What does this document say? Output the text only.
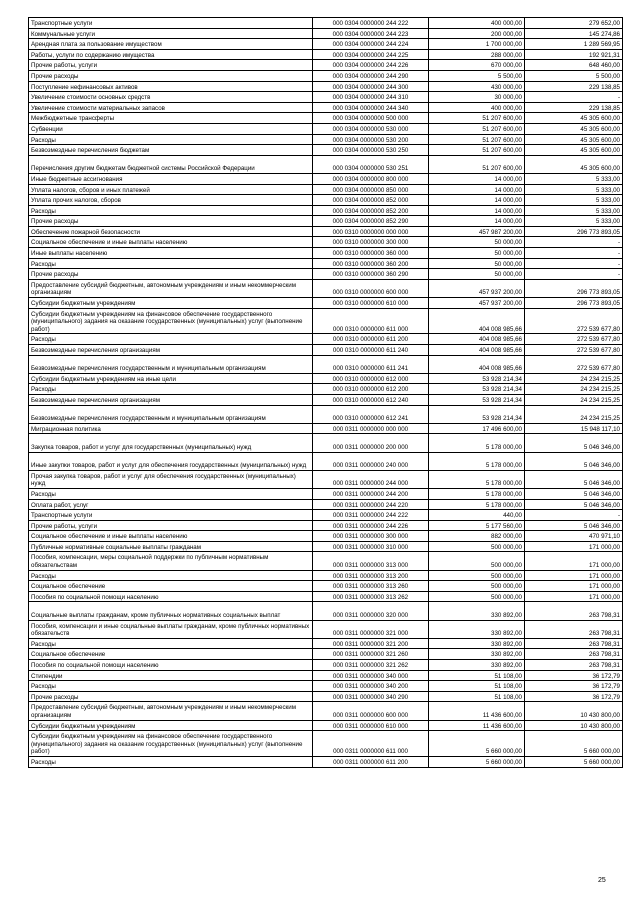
Транспортные услуги	000 0304 0000000 244 222	400 000,00	279 652,00
Коммунальные услуги	000 0304 0000000 244 223	200 000,00	145 274,86
Арендная плата за пользование имуществом	000 0304 0000000 244 224	1 700 000,00	1 289 569,95
Работы, услуги по содержанию имущества	000 0304 0000000 244 225	288 000,00	192 921,31
Прочие работы, услуги	000 0304 0000000 244 226	670 000,00	648 460,00
Прочие расходы	000 0304 0000000 244 290	5 500,00	5 500,00
Поступление нефинансовых активов	000 0304 0000000 244 300	430 000,00	229 138,85
Увеличение стоимости основных средств	000 0304 0000000 244 310	30 000,00	-
Увеличение стоимости материальных запасов	000 0304 0000000 244 340	400 000,00	229 138,85
Межбюджетные трансферты	000 0304 0000000 500 000	51 207 600,00	45 305 600,00
Субвенции	000 0304 0000000 530 000	51 207 600,00	45 305 600,00
Расходы	000 0304 0000000 530 200	51 207 600,00	45 305 600,00
Безвозмездные перечисления бюджетам	000 0304 0000000 530 250	51 207 600,00	45 305 600,00
Перечисления другим бюджетам бюджетной системы Российской Федерации	000 0304 0000000 530 251	51 207 600,00	45 305 600,00
Иные бюджетные ассигнования	000 0304 0000000 800 000	14 000,00	5 333,00
Уплата налогов, сборов и иных платежей	000 0304 0000000 850 000	14 000,00	5 333,00
Уплата прочих налогов, сборов	000 0304 0000000 852 000	14 000,00	5 333,00
Расходы	000 0304 0000000 852 200	14 000,00	5 333,00
Прочие расходы	000 0304 0000000 852 290	14 000,00	5 333,00
Обеспечение пожарной безопасности	000 0310 0000000 000 000	457 987 200,00	296 773 893,05
Социальное обеспечение и иные выплаты населению	000 0310 0000000 300 000	50 000,00	-
Иные выплаты населению	000 0310 0000000 360 000	50 000,00	-
Расходы	000 0310 0000000 360 200	50 000,00	-
Прочие расходы	000 0310 0000000 360 290	50 000,00	-
Предоставление субсидий бюджетным, автономным учреждениям и иным некоммерческим организациям	000 0310 0000000 600 000	457 937 200,00	296 773 893,05
Субсидии бюджетным учреждениям	000 0310 0000000 610 000	457 937 200,00	296 773 893,05
Субсидии бюджетным учреждениям на финансовое обеспечение государственного (муниципального) задания на оказание государственных (муниципальных) услуг (выполнение работ)	000 0310 0000000 611 000	404 008 985,66	272 539 677,80
Расходы	000 0310 0000000 611 200	404 008 985,66	272 539 677,80
Безвозмездные перечисления организациям	000 0310 0000000 611 240	404 008 985,66	272 539 677,80
Безвозмездные перечисления государственным и муниципальным организациям	000 0310 0000000 611 241	404 008 985,66	272 539 677,80
Субсидии бюджетным учреждениям на иные цели	000 0310 0000000 612 000	53 928 214,34	24 234 215,25
Расходы	000 0310 0000000 612 200	53 928 214,34	24 234 215,25
Безвозмездные перечисления организациям	000 0310 0000000 612 240	53 928 214,34	24 234 215,25
Безвозмездные перечисления государственным и муниципальным организациям	000 0310 0000000 612 241	53 928 214,34	24 234 215,25
Миграционная политика	000 0311 0000000 000 000	17 496 600,00	15 948 117,10
Закупка товаров, работ и услуг для государственных (муниципальных) нужд	000 0311 0000000 200 000	5 178 000,00	5 046 346,00
Иные закупки товаров, работ и услуг для обеспечения государственных (муниципальных) нужд	000 0311 0000000 240 000	5 178 000,00	5 046 346,00
Прочая закупка товаров, работ и услуг для обеспечения государственных (муниципальных) нужд	000 0311 0000000 244 000	5 178 000,00	5 046 346,00
Расходы	000 0311 0000000 244 200	5 178 000,00	5 046 346,00
Оплата работ, услуг	000 0311 0000000 244 220	5 178 000,00	5 046 346,00
Транспортные услуги	000 0311 0000000 244 222	440,00	-
Прочие работы, услуги	000 0311 0000000 244 226	5 177 560,00	5 046 346,00
Социальное обеспечение и иные выплаты населению	000 0311 0000000 300 000	882 000,00	470 971,10
Публичные нормативные социальные выплаты гражданам	000 0311 0000000 310 000	500 000,00	171 000,00
Пособия, компенсации, меры социальной поддержки по публичным нормативным обязательствам	000 0311 0000000 313 000	500 000,00	171 000,00
Расходы	000 0311 0000000 313 200	500 000,00	171 000,00
Социальное обеспечение	000 0311 0000000 313 260	500 000,00	171 000,00
Пособия по социальной помощи населению	000 0311 0000000 313 262	500 000,00	171 000,00
Социальные выплаты гражданам, кроме публичных нормативных социальных выплат	000 0311 0000000 320 000	330 892,00	263 798,31
Пособия, компенсации и иные социальные выплаты гражданам, кроме публичных нормативных обязательств	000 0311 0000000 321 000	330 892,00	263 798,31
Расходы	000 0311 0000000 321 200	330 892,00	263 798,31
Социальное обеспечение	000 0311 0000000 321 260	330 892,00	263 798,31
Пособия по социальной помощи населению	000 0311 0000000 321 262	330 892,00	263 798,31
Стипендии	000 0311 0000000 340 000	51 108,00	36 172,79
Расходы	000 0311 0000000 340 200	51 108,00	36 172,79
Прочие расходы	000 0311 0000000 340 290	51 108,00	36 172,79
Предоставление субсидий бюджетным, автономным учреждениям и иным некоммерческим организациям	000 0311 0000000 600 000	11 436 600,00	10 430 800,00
Субсидии бюджетным учреждениям	000 0311 0000000 610 000	11 436 600,00	10 430 800,00
Субсидии бюджетным учреждениям на финансовое обеспечение государственного (муниципального) задания на оказание государственных (муниципальных) услуг (выполнение работ)	000 0311 0000000 611 000	5 660 000,00	5 660 000,00
Расходы	000 0311 0000000 611 200	5 660 000,00	5 660 000,00
25
